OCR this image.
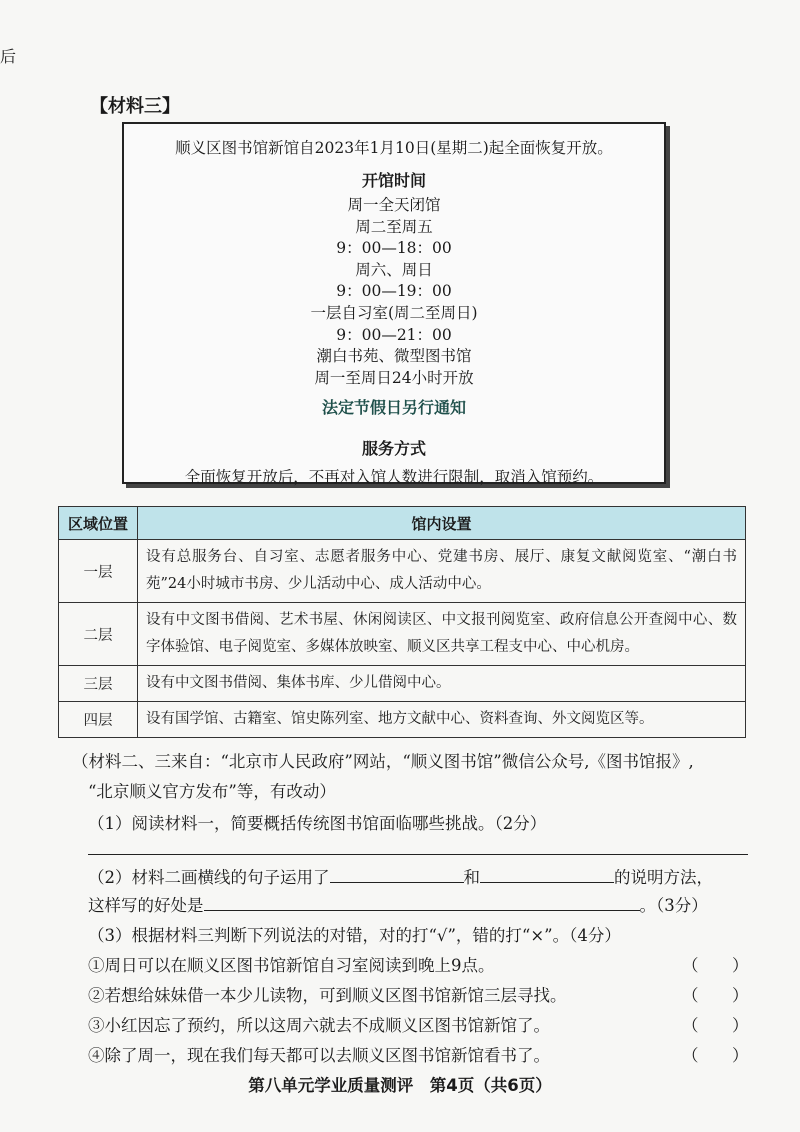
后
【材料三】
顺义区图书馆新馆自2023年1月10日(星期二)起全面恢复开放。
开馆时间
周一全天闭馆
周二至周五
9：00—18：00
周六、周日
9：00—19：00
一层自习室(周二至周日)
9：00—21：00
潮白书苑、微型图书馆
周一至周日24小时开放
法定节假日另行通知
服务方式
全面恢复开放后，不再对入馆人数进行限制，取消入馆预约。
区域位置	馆内设置
一层	设有总服务台、自习室、志愿者服务中心、党建书房、展厅、康复文献阅览室、“潮白书苑”24小时城市书房、少儿活动中心、成人活动中心。
二层	设有中文图书借阅、艺术书屋、休闲阅读区、中文报刊阅览室、政府信息公开查阅中心、数字体验馆、电子阅览室、多媒体放映室、顺义区共享工程支中心、中心机房。
三层	设有中文图书借阅、集体书库、少儿借阅中心。
四层	设有国学馆、古籍室、馆史陈列室、地方文献中心、资料查询、外文阅览区等。
（材料二、三来自：“北京市人民政府”网站，“顺义图书馆”微信公众号,《图书馆报》,
“北京顺义官方发布”等，有改动）
（1）阅读材料一，简要概括传统图书馆面临哪些挑战。（2分）
（2）材料二画横线的句子运用了	和	的说明方法，
这样写的好处是	。（3分）
（3）根据材料三判断下列说法的对错，对的打“√”，错的打“×”。（4分）
①周日可以在顺义区图书馆新馆自习室阅读到晚上9点。	（ ）
②若想给妹妹借一本少儿读物，可到顺义区图书馆新馆三层寻找。	（ ）
③小红因忘了预约，所以这周六就去不成顺义区图书馆新馆了。	（ ）
④除了周一，现在我们每天都可以去顺义区图书馆新馆看书了。	（ ）
第八单元学业质量测评　第4页（共6页）
